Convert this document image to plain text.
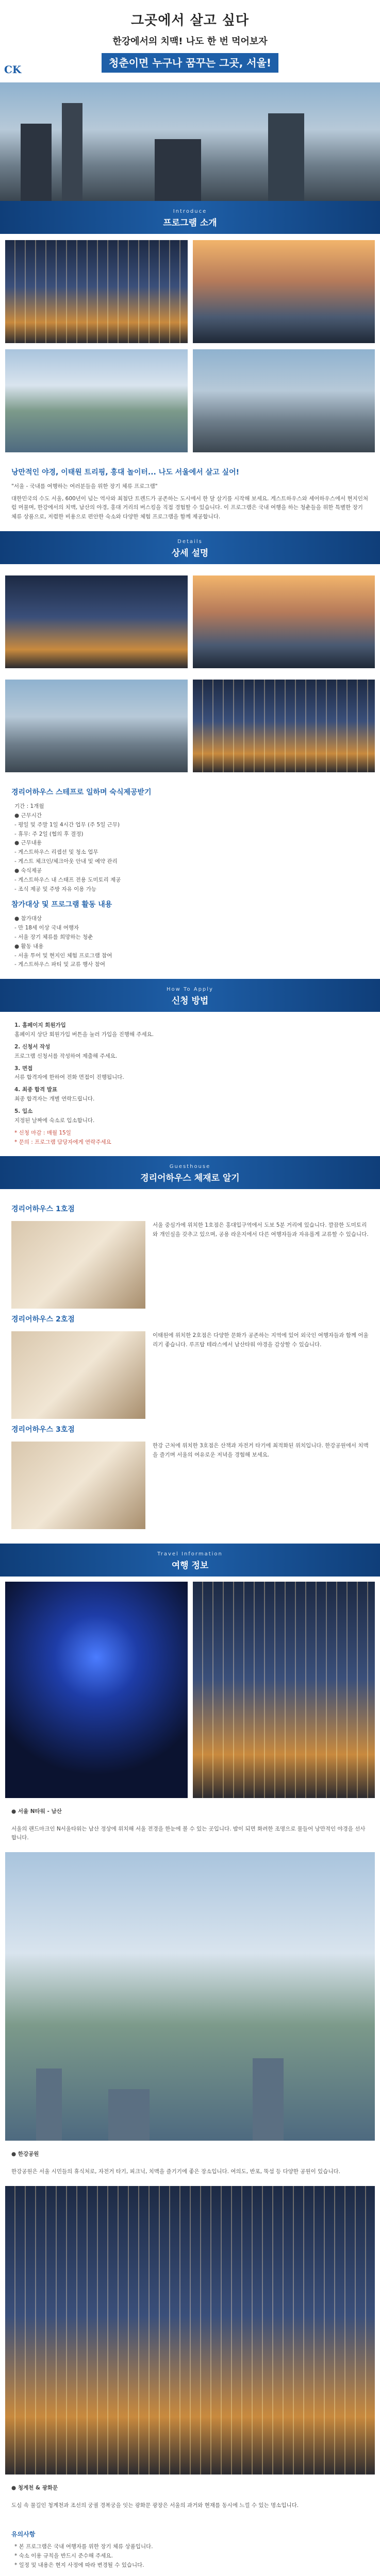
그곳에서 살고 싶다
한강에서의 치맥! 나도 한 번 먹어보자
청춘이면 누구나 꿈꾸는 그곳, 서울!
CK
Introduce
프로그램 소개
낭만적인 야경, 이태원 트리핑, 홍대 놀이터... 나도 서울에서 살고 싶어!
"서울 - 국내를 여행하는 여러분들을 위한 장기 체류 프로그램"
대한민국의 수도 서울, 600년이 넘는 역사와 최첨단 트렌드가 공존하는 도시에서 한 달 살기를 시작해 보세요. 게스트하우스와 셰어하우스에서 현지인처럼 머물며, 한강에서의 치맥, 남산의 야경, 홍대 거리의 버스킹을 직접 경험할 수 있습니다. 이 프로그램은 국내 여행을 하는 청춘들을 위한 특별한 장기 체류 상품으로, 저렴한 비용으로 편안한 숙소와 다양한 체험 프로그램을 함께 제공합니다.
Details
상세 설명
경리어하우스 스테프로 일하며 숙식제공받기
기간 : 1개월
● 근무시간
- 평일 및 주말 1일 4시간 업무 (주 5일 근무)
- 휴무: 주 2일 (협의 후 결정)
● 근무내용
- 게스트하우스 리셉션 및 청소 업무
- 게스트 체크인/체크아웃 안내 및 예약 관리
● 숙식제공
- 게스트하우스 내 스태프 전용 도미토리 제공
- 조식 제공 및 주방 자유 이용 가능
참가대상 및 프로그램 활동 내용
● 참가대상
- 만 18세 이상 국내 여행자
- 서울 장기 체류를 희망하는 청춘
● 활동 내용
- 서울 투어 및 현지인 체험 프로그램 참여
- 게스트하우스 파티 및 교류 행사 참여
How To Apply
신청 방법
1. 홈페이지 회원가입
홈페이지 상단 회원가입 버튼을 눌러 가입을 진행해 주세요.
2. 신청서 작성
프로그램 신청서를 작성하여 제출해 주세요.
3. 면접
서류 합격자에 한하여 전화 면접이 진행됩니다.
4. 최종 합격 발표
최종 합격자는 개별 연락드립니다.
5. 입소
지정된 날짜에 숙소로 입소합니다.
* 신청 마감 : 매월 15일
* 문의 : 프로그램 담당자에게 연락주세요
Guesthouse
경리어하우스 체재로 알기
경리어하우스 1호점
서울 중심가에 위치한 1호점은 홍대입구역에서 도보 5분 거리에 있습니다. 깔끔한 도미토리와 개인실을 갖추고 있으며, 공용 라운지에서 다른 여행자들과 자유롭게 교류할 수 있습니다.
경리어하우스 2호점
이태원에 위치한 2호점은 다양한 문화가 공존하는 지역에 있어 외국인 여행자들과 함께 어울리기 좋습니다. 루프탑 테라스에서 남산타워 야경을 감상할 수 있습니다.
경리어하우스 3호점
한강 근처에 위치한 3호점은 산책과 자전거 타기에 최적화된 위치입니다. 한강공원에서 치맥을 즐기며 서울의 여유로운 저녁을 경험해 보세요.
Travel Information
여행 정보
● 서울 N타워 - 남산
서울의 랜드마크인 N서울타워는 남산 정상에 위치해 서울 전경을 한눈에 볼 수 있는 곳입니다. 밤이 되면 화려한 조명으로 물들어 낭만적인 야경을 선사합니다.
● 한강공원
한강공원은 서울 시민들의 휴식처로, 자전거 타기, 피크닉, 치맥을 즐기기에 좋은 장소입니다. 여의도, 반포, 뚝섬 등 다양한 공원이 있습니다.
● 청계천 & 광화문
도심 속 물길인 청계천과 조선의 궁궐 경복궁을 잇는 광화문 광장은 서울의 과거와 현재를 동시에 느낄 수 있는 명소입니다.
유의사항
* 본 프로그램은 국내 여행자를 위한 장기 체류 상품입니다.
* 숙소 이용 규칙을 반드시 준수해 주세요.
* 일정 및 내용은 현지 사정에 따라 변경될 수 있습니다.
